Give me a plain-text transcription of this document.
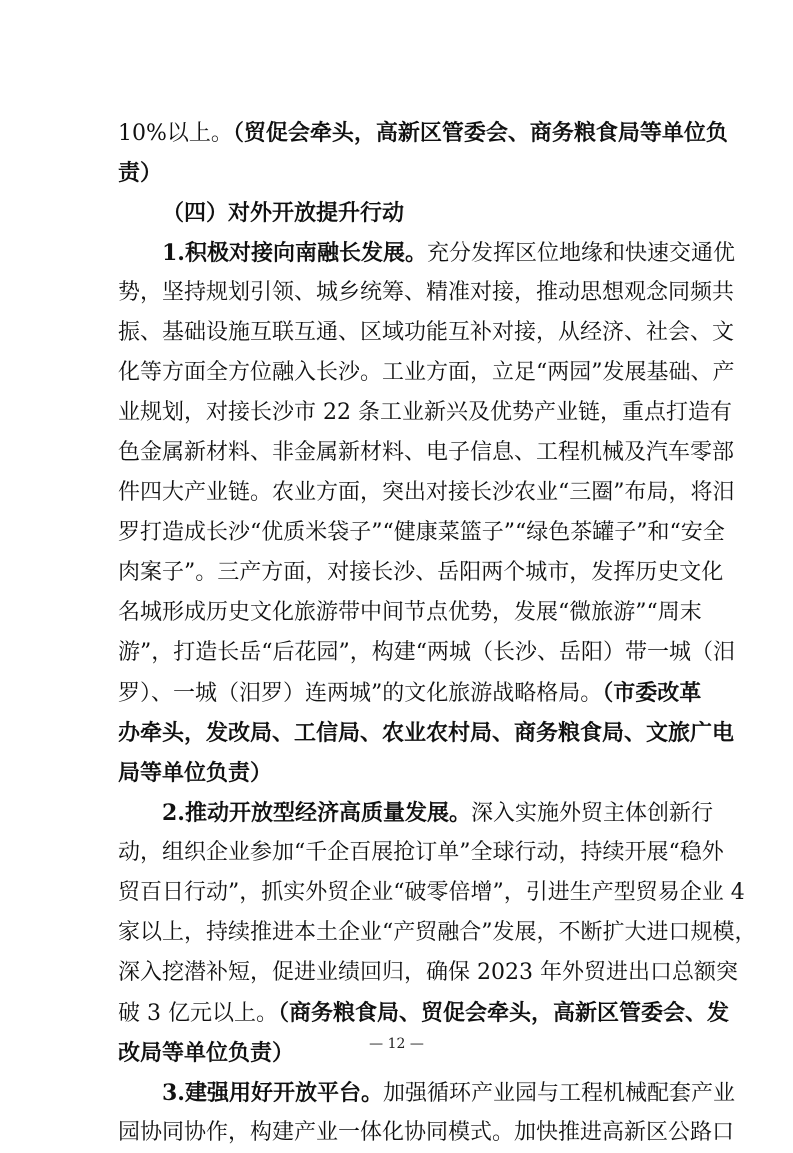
10%以上。（贸促会牵头，高新区管委会、商务粮食局等单位负
责）
（四）对外开放提升行动
1.积极对接向南融长发展。充分发挥区位地缘和快速交通优
势，坚持规划引领、城乡统筹、精准对接，推动思想观念同频共
振、基础设施互联互通、区域功能互补对接，从经济、社会、文
化等方面全方位融入长沙。工业方面，立足“两园”发展基础、产
业规划，对接长沙市 22 条工业新兴及优势产业链，重点打造有
色金属新材料、非金属新材料、电子信息、工程机械及汽车零部
件四大产业链。农业方面，突出对接长沙农业“三圈”布局，将汨
罗打造成长沙“优质米袋子”“健康菜篮子”“绿色茶罐子”和“安全
肉案子”。三产方面，对接长沙、岳阳两个城市，发挥历史文化
名城形成历史文化旅游带中间节点优势，发展“微旅游”“周末
游”，打造长岳“后花园”，构建“两城（长沙、岳阳）带一城（汨
罗）、一城（汨罗）连两城”的文化旅游战略格局。（市委改革
办牵头，发改局、工信局、农业农村局、商务粮食局、文旅广电
局等单位负责）
2.推动开放型经济高质量发展。深入实施外贸主体创新行
动，组织企业参加“千企百展抢订单”全球行动，持续开展“稳外
贸百日行动”，抓实外贸企业“破零倍增”，引进生产型贸易企业 4
家以上，持续推进本土企业“产贸融合”发展，不断扩大进口规模，
深入挖潜补短，促进业绩回归，确保 2023 年外贸进出口总额突
破 3 亿元以上。（商务粮食局、贸促会牵头，高新区管委会、发
改局等单位负责）
3.建强用好开放平台。加强循环产业园与工程机械配套产业
园协同协作，构建产业一体化协同模式。加快推进高新区公路口
— 12 —
